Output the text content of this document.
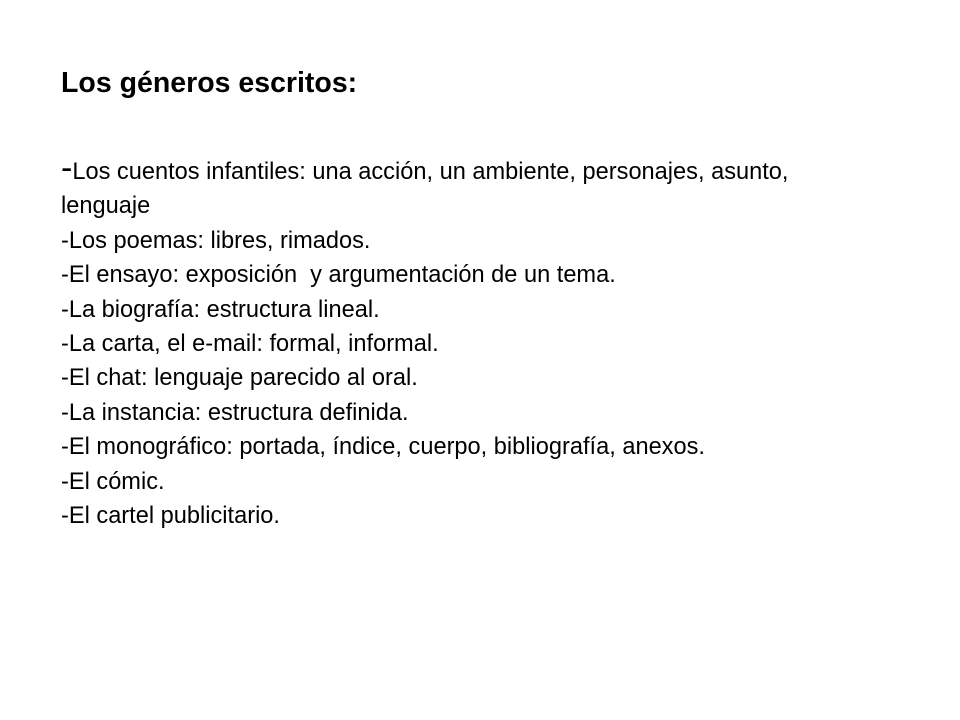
Los géneros escritos:
-Los cuentos infantiles: una acción, un ambiente, personajes, asunto, lenguaje
-Los poemas: libres, rimados.
-El ensayo: exposición  y argumentación de un tema.
-La biografía: estructura lineal.
-La carta, el e-mail: formal, informal.
-El chat: lenguaje parecido al oral.
-La instancia: estructura definida.
-El monográfico: portada, índice, cuerpo, bibliografía, anexos.
-El cómic.
-El cartel publicitario.
